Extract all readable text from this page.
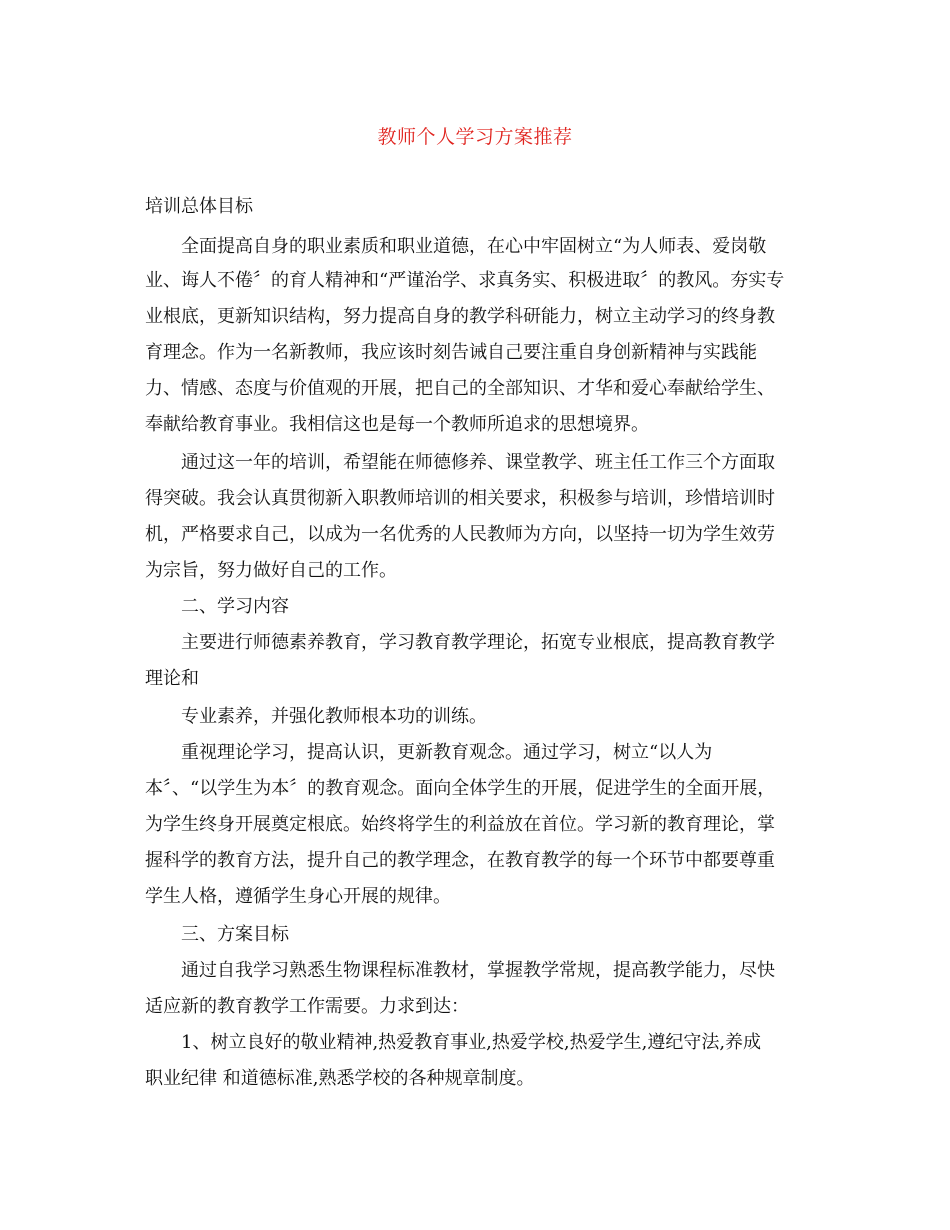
教师个人学习方案推荐
培训总体目标
全面提高自身的职业素质和职业道德，在心中牢固树立“为人师表、爱岗敬
业、诲人不倦〞的育人精神和“严谨治学、求真务实、积极进取〞的教风。夯实专
业根底，更新知识结构，努力提高自身的教学科研能力，树立主动学习的终身教
育理念。作为一名新教师，我应该时刻告诫自己要注重自身创新精神与实践能
力、情感、态度与价值观的开展，把自己的全部知识、才华和爱心奉献给学生、
奉献给教育事业。我相信这也是每一个教师所追求的思想境界。
通过这一年的培训，希望能在师德修养、课堂教学、班主任工作三个方面取
得突破。我会认真贯彻新入职教师培训的相关要求，积极参与培训，珍惜培训时
机，严格要求自己，以成为一名优秀的人民教师为方向，以坚持一切为学生效劳
为宗旨，努力做好自己的工作。
二、学习内容
主要进行师德素养教育，学习教育教学理论，拓宽专业根底，提高教育教学
理论和
专业素养，并强化教师根本功的训练。
重视理论学习，提高认识，更新教育观念。通过学习，树立“以人为
本〞、“以学生为本〞的教育观念。面向全体学生的开展，促进学生的全面开展，
为学生终身开展奠定根底。始终将学生的利益放在首位。学习新的教育理论，掌
握科学的教育方法，提升自己的教学理念，在教育教学的每一个环节中都要尊重
学生人格，遵循学生身心开展的规律。
三、方案目标
通过自我学习熟悉生物课程标准教材，掌握教学常规，提高教学能力，尽快
适应新的教育教学工作需要。力求到达：
1、树立良好的敬业精神,热爱教育事业,热爱学校,热爱学生,遵纪守法,养成
职业纪律 和道德标准,熟悉学校的各种规章制度。
